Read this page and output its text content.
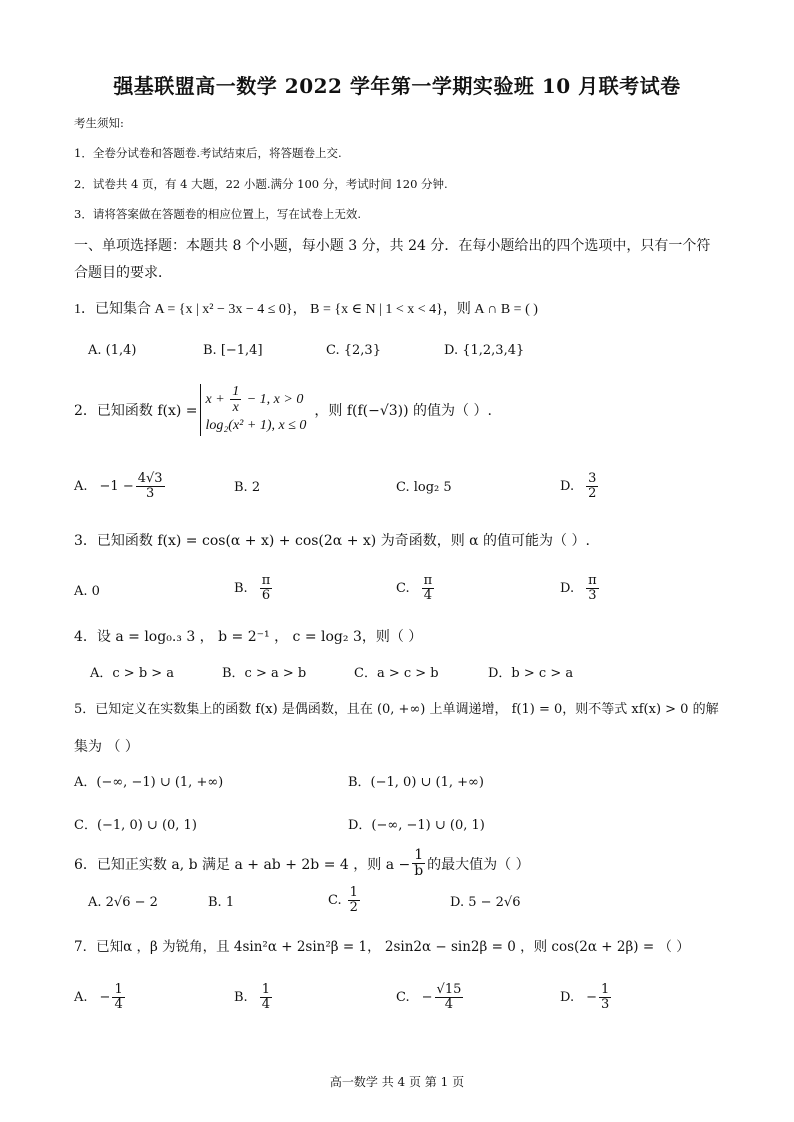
强基联盟高一数学 2022 学年第一学期实验班 10 月联考试卷
考生须知:
1．全卷分试卷和答题卷.考试结束后，将答题卷上交.
2．试卷共 4 页，有 4 大题，22 小题.满分 100 分，考试时间 120 分钟.
3．请将答案做在答题卷的相应位置上，写在试卷上无效.
一、单项选择题：本题共 8 个小题，每小题 3 分，共 24 分．在每小题给出的四个选项中，只有一个符合题目的要求．
1．已知集合 A = {x | x² − 3x − 4 ≤ 0}， B = {x ∈ N | 1 < x < 4}，则 A ∩ B = ( )
A. (1,4)	B. [−1,4]	C. {2,3}	D. {1,2,3,4}
2．已知函数 f(x) =
$x + \frac{1}{x} - 1$, x > 0
log₂(x² + 1), x ≤ 0
，则 f(f(−√3)) 的值为（ ）.
A. $-1 - \frac{4√3}{3}$	B. 2	C. log₂ 5	D. $\frac{3}{2}$
3．已知函数 f(x) = cos(α + x) + cos(2α + x) 为奇函数，则 α 的值可能为（ ）.
A. 0	B. $\frac{\pi}{6}$	C. $\frac{\pi}{4}$	D. $\frac{\pi}{3}$
4．设 a = log₀.₃ 3 ， b = 2⁻¹ ， c = log₂ 3，则（ ）
A．c > b > a	B．c > a > b	C．a > c > b	D．b > c > a
5．已知定义在实数集上的函数 f(x) 是偶函数，且在 (0, +∞) 上单调递增， f(1) = 0，则不等式 xf(x) > 0 的解
集为 （ ）
A．(−∞, −1) ∪ (1, +∞)	B．(−1, 0) ∪ (1, +∞)
C．(−1, 0) ∪ (0, 1)	D．(−∞, −1) ∪ (0, 1)
6．已知正实数 a, b 满足 a + ab + 2b = 4 ，则 $a - \frac{1}{b}$ 的最大值为（ ）
A. 2√6 − 2	B. 1	C. $\frac{1}{2}$	D. 5 − 2√6
7．已知α ，β 为锐角，且 4sin²α + 2sin²β = 1， 2sin2α − sin2β = 0 ，则 cos(2α + 2β) = （ ）
A. − $\frac{1}{4}$	B. $\frac{1}{4}$	C. − $\frac{√15}{4}$	D. − $\frac{1}{3}$
高一数学 共 4 页 第 1 页
